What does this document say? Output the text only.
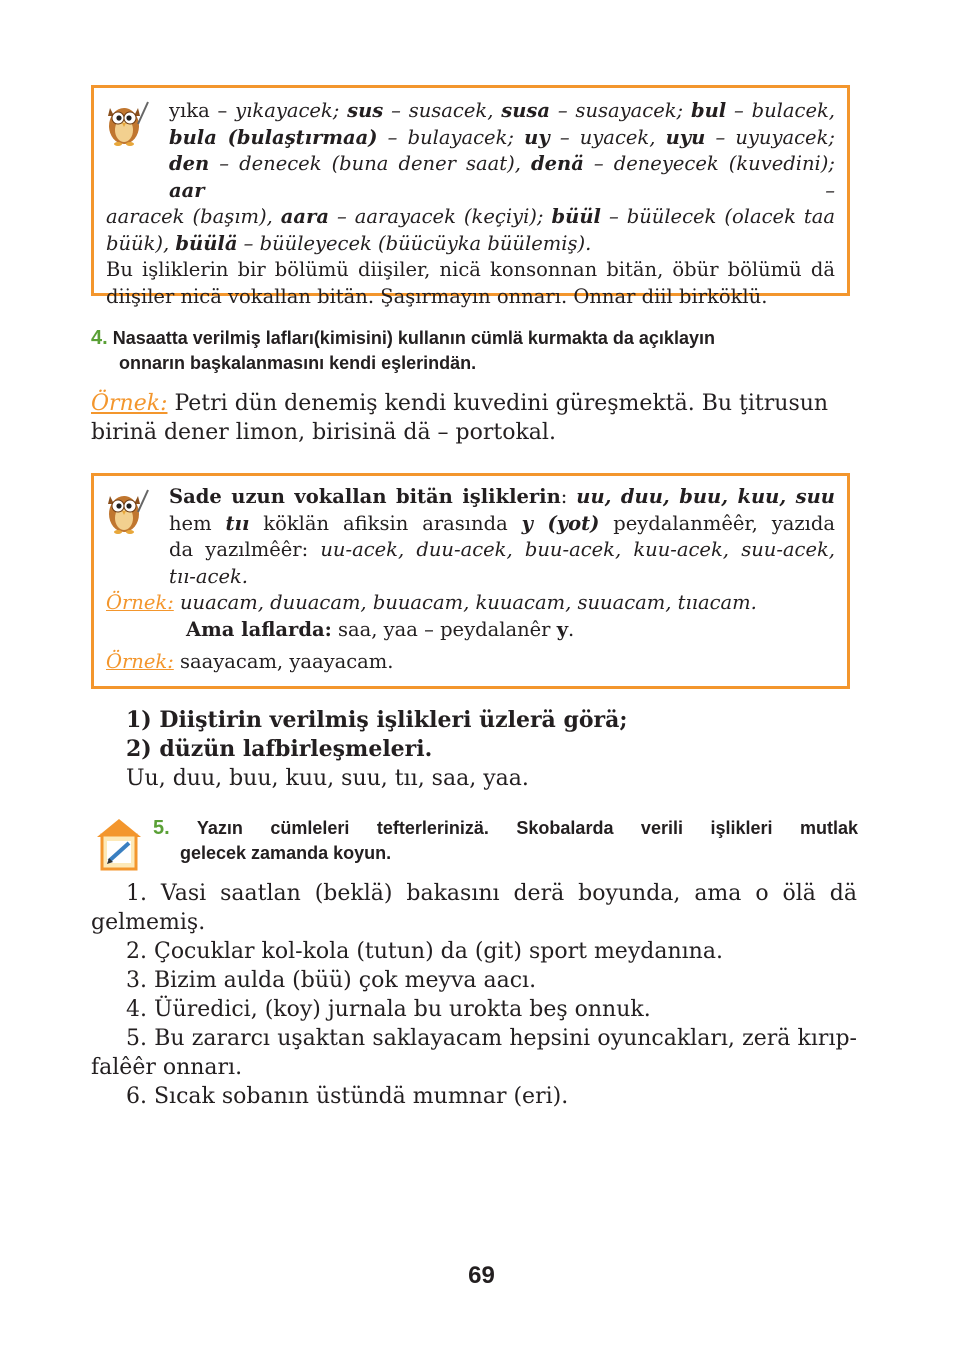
yıka – yıkayacek; sus – susacek, susa – susayacek; bul – bulacek,
bula (bulaştırmaa) – bulayacek; uy – uyacek, uyu – uyuyacek;
den – denecek (buna dener saat), denä – deneyecek (kuvedini); aar –
aaracek (başım), aara – aarayacek (keçiyi); büül – büülecek (olacek taa
büük), büülä – büüleyecek (büücüyka büülemiş).
Bu işliklerin bir bölümü diişiler, nicä konsonnan bitän, öbür bölümü dä
diişiler nicä vokallan bitän. Şaşırmayın onnarı. Onnar diil birköklü.
4. Nasaatta verilmiş lafları(kimisini) kullanın cümlä kurmakta da açıklayın
onnarın başkalanmasını kendi eşlerindän.
Örnek: Petri dün denemiş kendi kuvedini güreşmektä. Bu ţitrusun
birinä dener limon, birisinä dä – portokal.
Sade uzun vokallan bitän işliklerin: uu, duu, buu, kuu, suu
hem tıı köklän afiksin arasında y (yot) peydalanmêêr, yazıda
da yazılmêêr: uu-acek, duu-acek, buu-acek, kuu-acek, suu-acek,
tıı-acek.
Örnek: uuacam, duuacam, buuacam, kuuacam, suuacam, tııacam.
Ama laflarda: saa, yaa – peydalanêr y.
Örnek: saayacam, yaayacam.
1) Diiştirin verilmiş işlikleri üzlerä görä;
2) düzün lafbirleşmeleri.
Uu, duu, buu, kuu, suu, tıı, saa, yaa.
5. Yazın cümleleri tefterlerinizä. Skobalarda verili işlikleri mutlak
gelecek zamanda koyun.
1. Vasi saatlan (beklä) bakasını derä boyunda, ama o ölä dä
gelmemiş.
2. Çocuklar kol-kola (tutun) da (git) sport meydanına.
3. Bizim aulda (büü) çok meyva aacı.
4. Üüredici, (koy) jurnala bu urokta beş onnuk.
5. Bu zararcı uşaktan saklayacam hepsini oyuncakları, zerä kırıp-
falêêr onnarı.
6. Sıcak sobanın üstündä mumnar (eri).
69
